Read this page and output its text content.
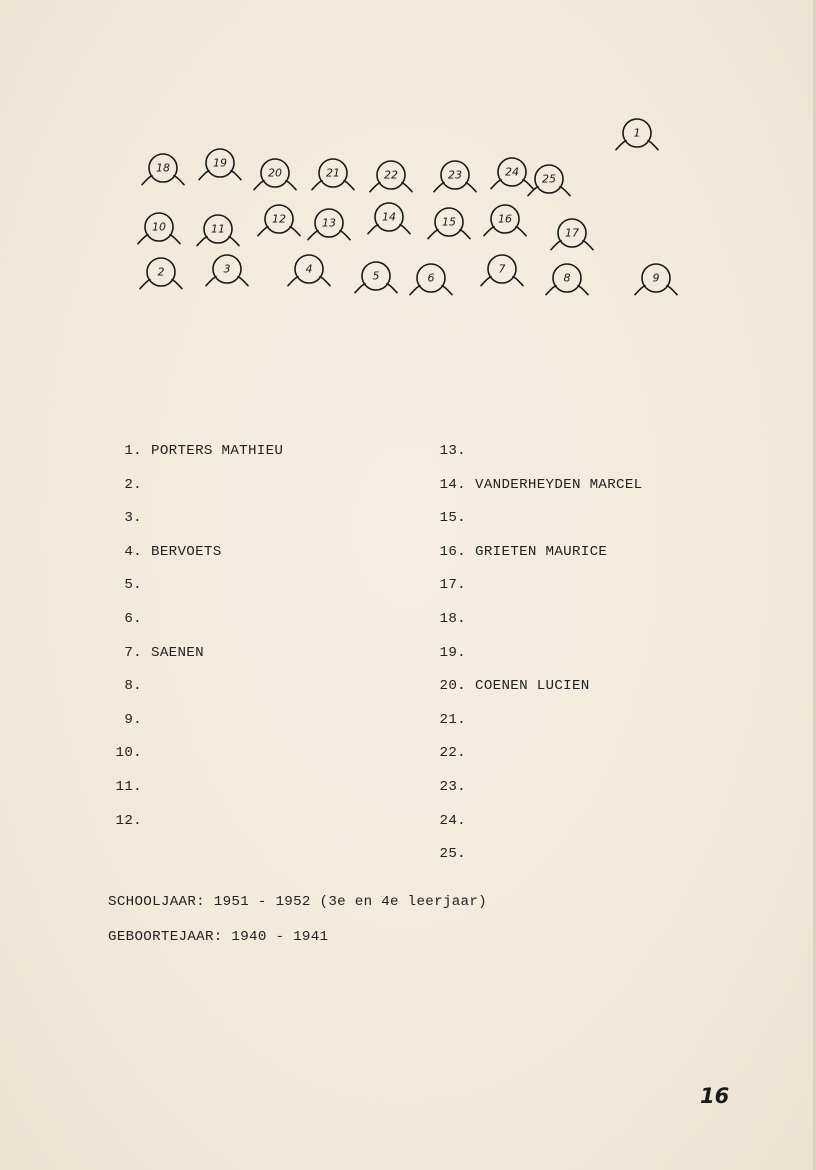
1
2	3	4
5	6
7
8	9
10	11
12	13	14	15	16
17
18	19
20	21	22	23	24
25
1. PORTERS MATHIEU
2.
3.
4. BERVOETS
5.
6.
7. SAENEN
8.
9.
10.
11.
12.
13.
14. VANDERHEYDEN MARCEL
15.
16. GRIETEN MAURICE
17.
18.
19.
20. COENEN LUCIEN
21.
22.
23.
24.
25.
SCHOOLJAAR: 1951 - 1952 (3e en 4e leerjaar)
GEBOORTEJAAR: 1940 - 1941
16
